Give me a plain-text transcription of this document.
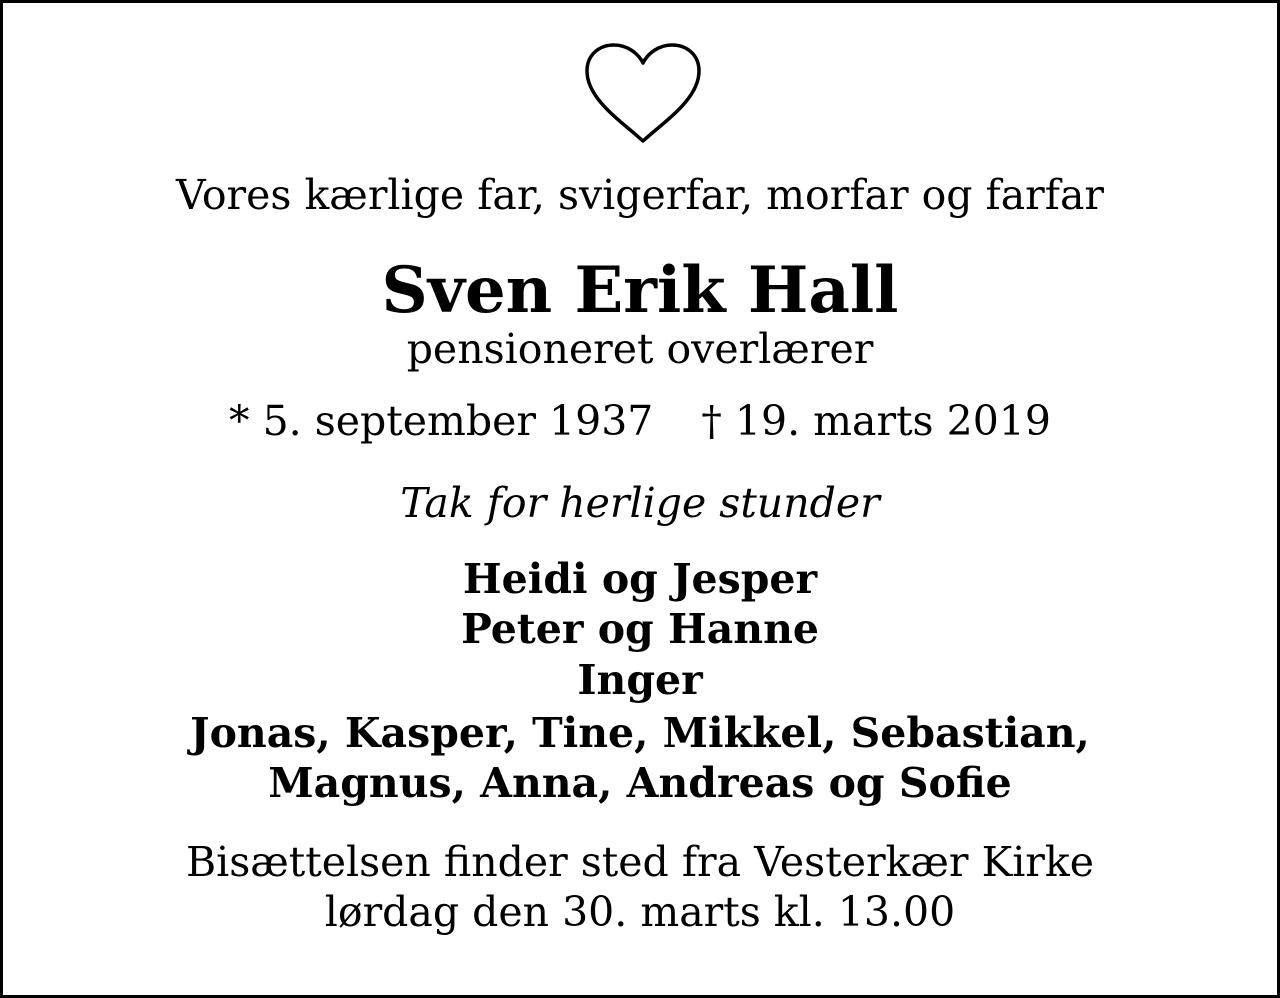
Vores kærlige far, svigerfar, morfar og farfar

Sven Erik Hall

pensioneret overlærer

* 5. september 1937 † 19. marts 2019

Tak for herlige stunder

Heidi og Jesper

Peter og Hanne

Inger

Jonas, Kasper, Tine, Mikkel, Sebastian,

Magnus, Anna, Andreas og Sofie

Bisættelsen finder sted fra Vesterkær Kirke

lørdag den 30. marts kl. 13.00
